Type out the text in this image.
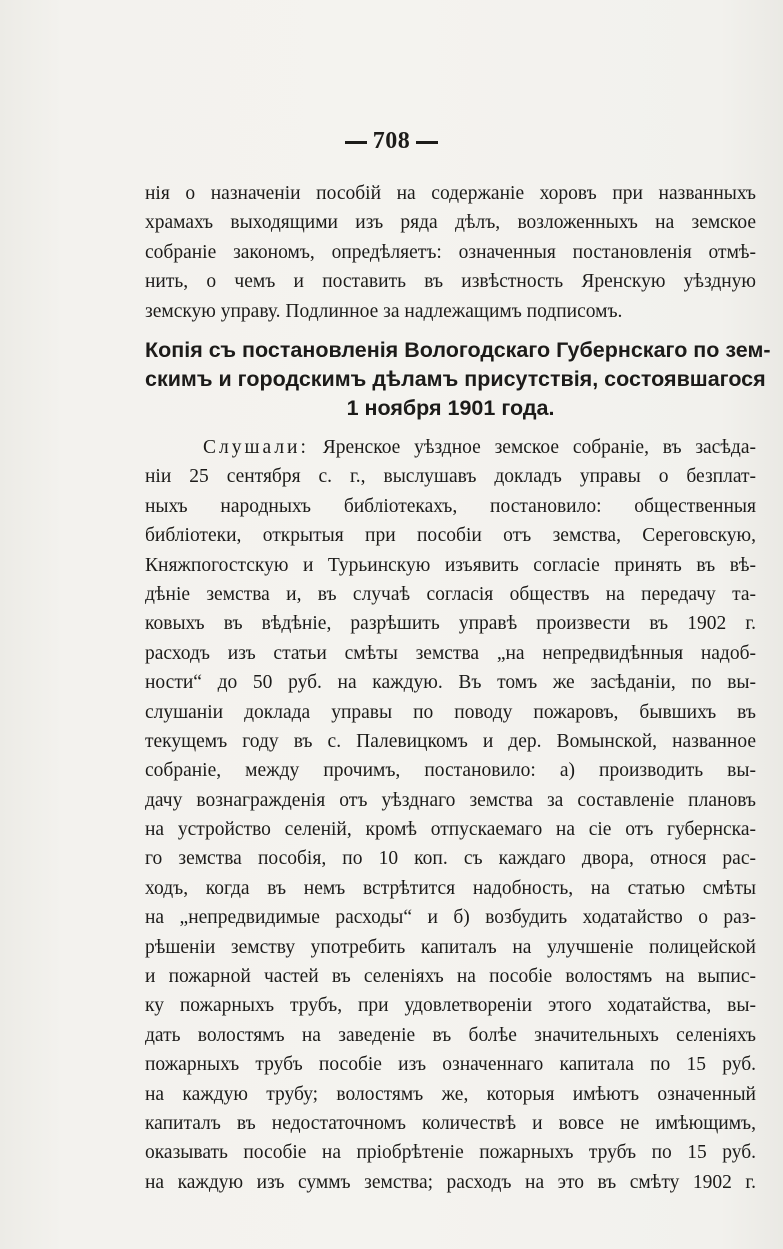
708
нія о назначеніи пособій на содержаніе хоровъ при названныхъ
храмахъ выходящими изъ ряда дѣлъ, возложенныхъ на земское
собраніе закономъ, опредѣляетъ: означенныя постановленія отмѣ-
нить, о чемъ и поставить въ извѣстность Яренскую уѣздную
земскую управу. Подлинное за надлежащимъ подписомъ.
Копія съ постановленія Вологодскаго Губернскаго по зем-
скимъ и городскимъ дѣламъ присутствія, состоявшагося
1 ноября 1901 года.
Слушали: Яренское уѣздное земское собраніе, въ засѣда-
ніи 25 сентября с. г., выслушавъ докладъ управы о безплат-
ныхъ народныхъ библіотекахъ, постановило: общественныя
библіотеки, открытыя при пособіи отъ земства, Сереговскую,
Княжпогостскую и Турьинскую изъявить согласіе принять въ вѣ-
дѣніе земства и, въ случаѣ согласія обществъ на передачу та-
ковыхъ въ вѣдѣніе, разрѣшить управѣ произвести въ 1902 г.
расходъ изъ статьи смѣты земства „на непредвидѣнныя надоб-
ности“ до 50 руб. на каждую. Въ томъ же засѣданіи, по вы-
слушаніи доклада управы по поводу пожаровъ, бывшихъ въ
текущемъ году въ с. Палевицкомъ и дер. Вомынской, названное
собраніе, между прочимъ, постановило: а) производить вы-
дачу вознагражденія отъ уѣзднаго земства за составленіе плановъ
на устройство селеній, кромѣ отпускаемаго на сіе отъ губернска-
го земства пособія, по 10 коп. съ каждаго двора, относя рас-
ходъ, когда въ немъ встрѣтится надобность, на статью смѣты
на „непредвидимые расходы“ и б) возбудить ходатайство о раз-
рѣшеніи земству употребить капиталъ на улучшеніе полицейской
и пожарной частей въ селеніяхъ на пособіе волостямъ на выпис-
ку пожарныхъ трубъ, при удовлетвореніи этого ходатайства, вы-
дать волостямъ на заведеніе въ болѣе значительныхъ селеніяхъ
пожарныхъ трубъ пособіе изъ означеннаго капитала по 15 руб.
на каждую трубу; волостямъ же, которыя имѣютъ означенный
капиталъ въ недостаточномъ количествѣ и вовсе не имѣющимъ,
оказывать пособіе на пріобрѣтеніе пожарныхъ трубъ по 15 руб.
на каждую изъ суммъ земства; расходъ на это въ смѣту 1902 г.
